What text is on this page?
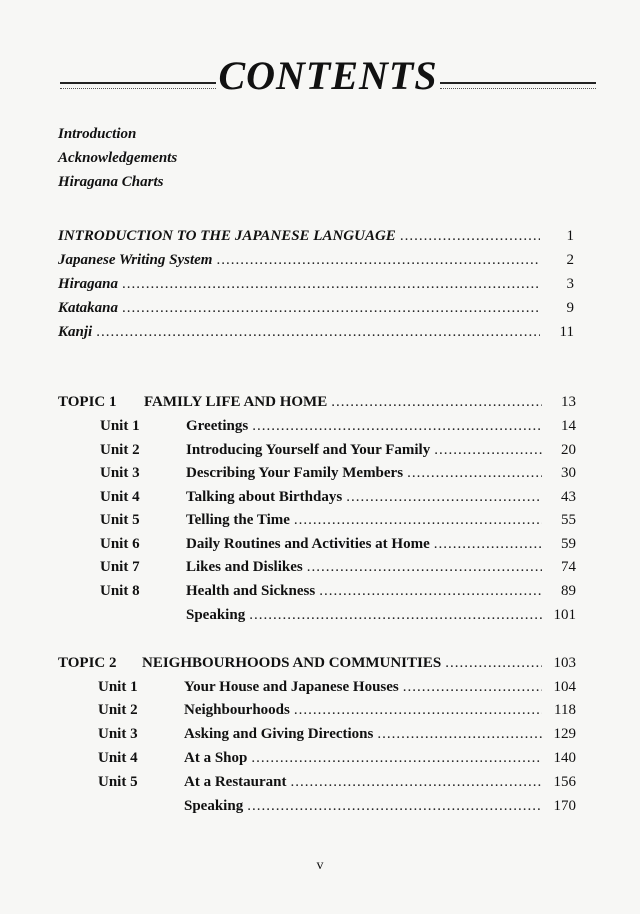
CONTENTS
Introduction
Acknowledgements
Hiragana Charts
INTRODUCTION TO THE JAPANESE LANGUAGE .....	1
Japanese Writing System .....	2
Hiragana .....	3
Katakana .....	9
Kanji .....	11
TOPIC 1	FAMILY LIFE AND HOME .....	13
Unit 1	Greetings .....	14
Unit 2	Introducing Yourself and Your Family .....	20
Unit 3	Describing Your Family Members .....	30
Unit 4	Talking about Birthdays .....	43
Unit 5	Telling the Time .....	55
Unit 6	Daily Routines and Activities at Home .....	59
Unit 7	Likes and Dislikes .....	74
Unit 8	Health and Sickness .....	89
Speaking .....	101
TOPIC 2	NEIGHBOURHOODS AND COMMUNITIES .....	103
Unit 1	Your House and Japanese Houses .....	104
Unit 2	Neighbourhoods .....	118
Unit 3	Asking and Giving Directions .....	129
Unit 4	At a Shop .....	140
Unit 5	At a Restaurant .....	156
Speaking .....	170
v
